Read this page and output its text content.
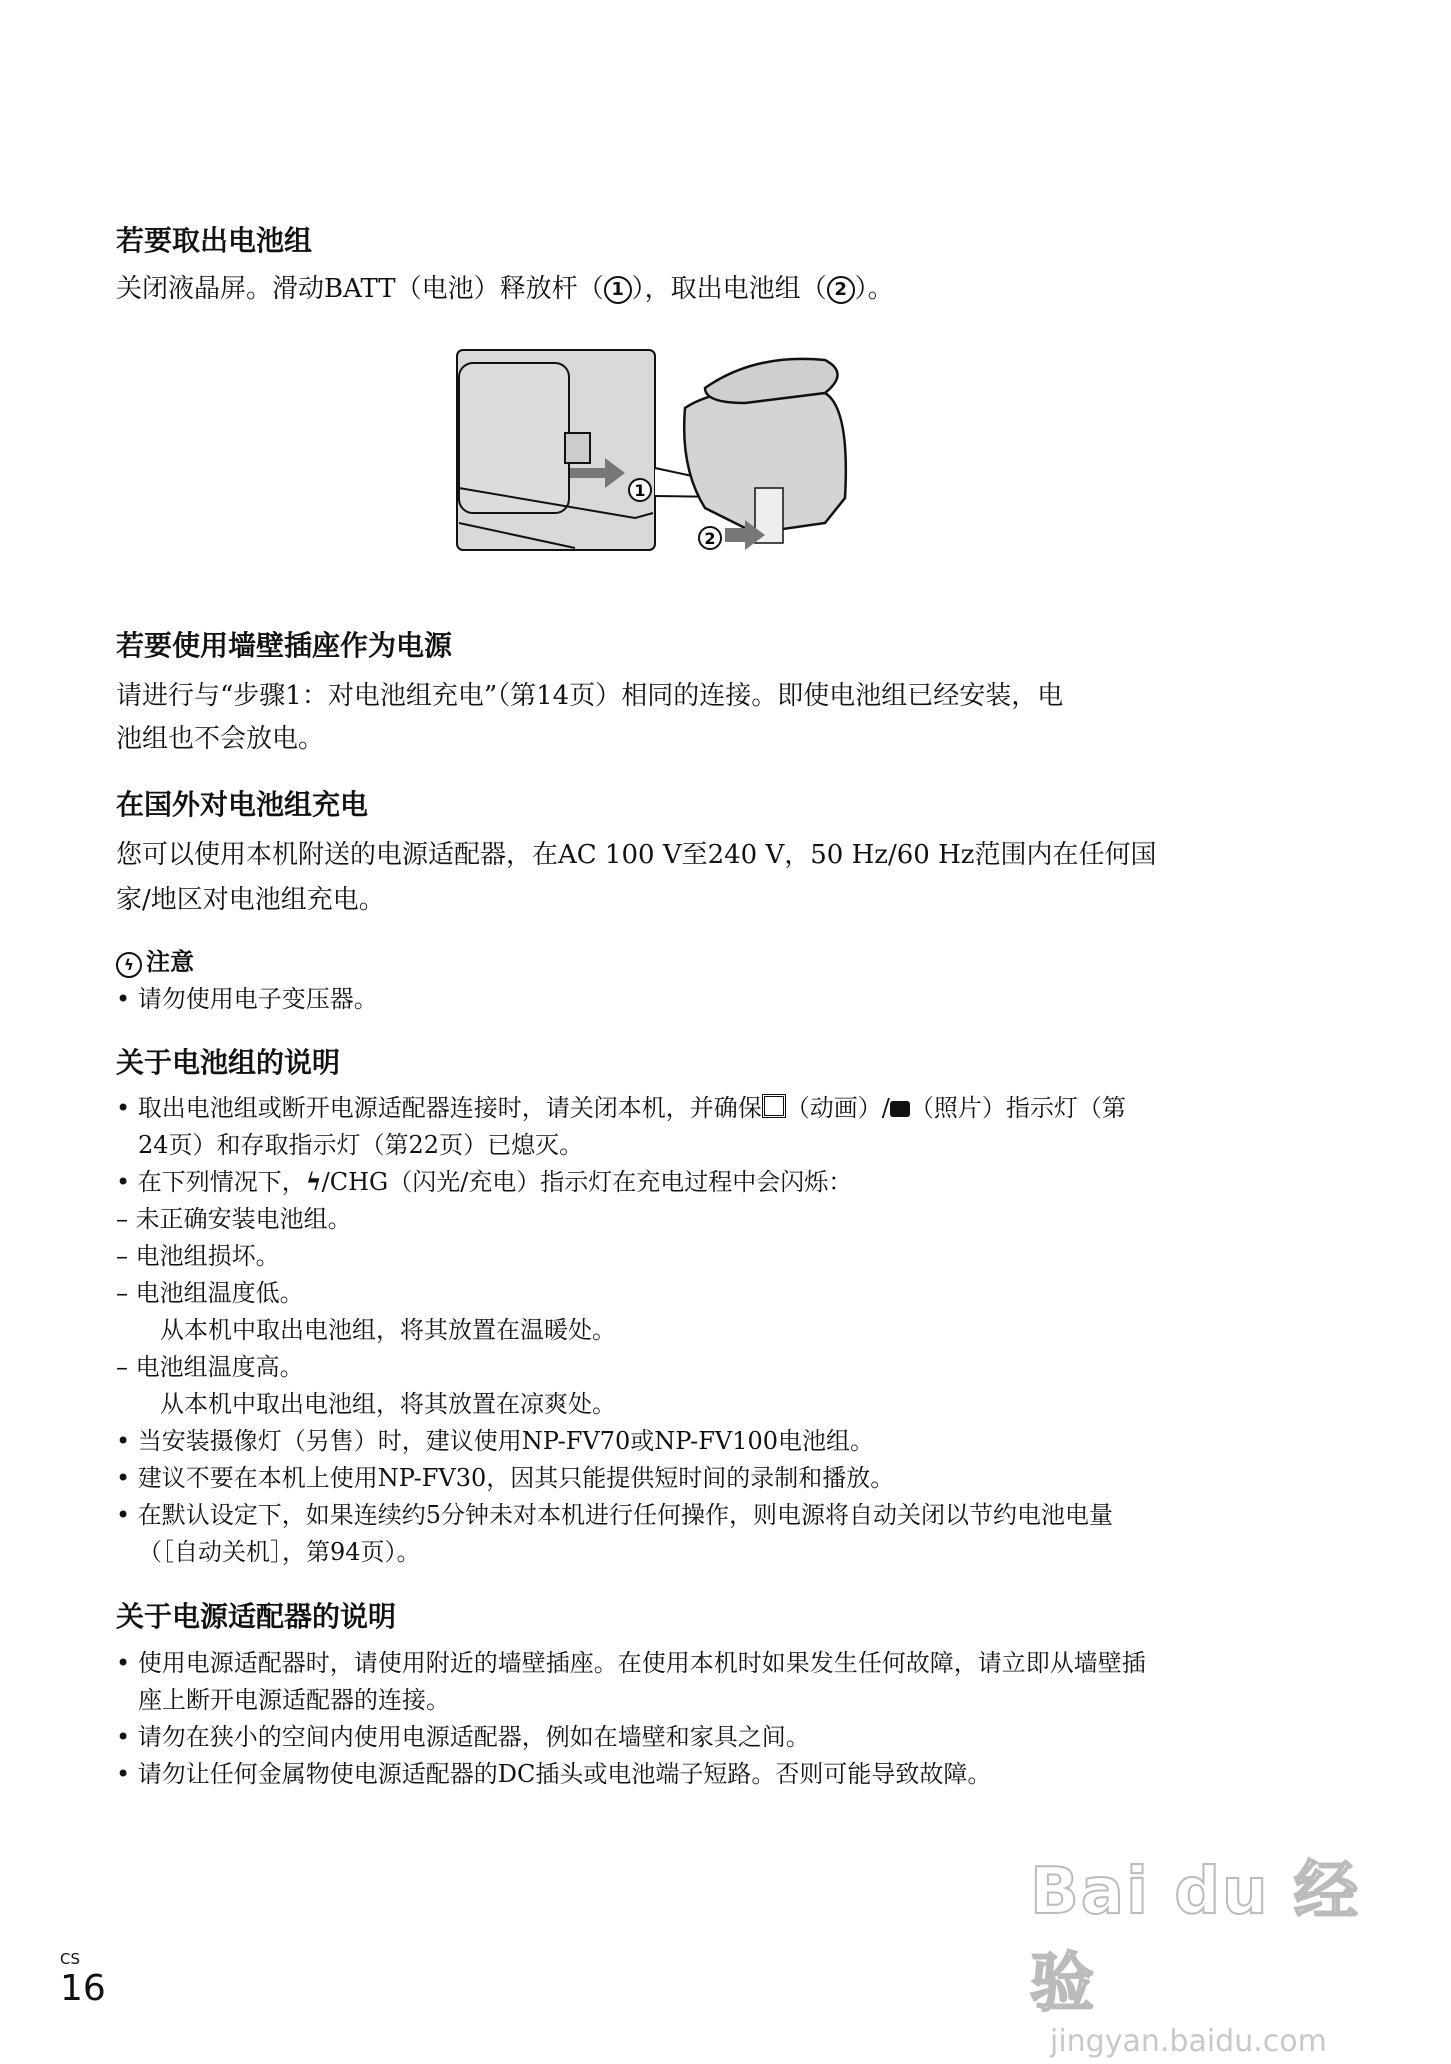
若要取出电池组
关闭液晶屏。滑动BATT（电池）释放杆（ 1 ），取出电池组（ 2 ）。
1
2
若要使用墙壁插座作为电源
请进行与“步骤1：对电池组充电”（第14页）相同的连接。即使电池组已经安装，电
池组也不会放电。
在国外对电池组充电
您可以使用本机附送的电源适配器，在AC 100 V至240 V，50 Hz/60 Hz范围内在任何国
家/地区对电池组充电。
ϟ 注意
• 请勿使用电子变压器。
关于电池组的说明
• 取出电池组或断开电源适配器连接时，请关闭本机，并确保 （动画）/ （照片）指示灯（第
24页）和存取指示灯（第22页）已熄灭。
• 在下列情况下，ϟ/CHG（闪光/充电）指示灯在充电过程中会闪烁：
– 未正确安装电池组。
– 电池组损坏。
– 电池组温度低。
从本机中取出电池组，将其放置在温暖处。
– 电池组温度高。
从本机中取出电池组，将其放置在凉爽处。
• 当安装摄像灯（另售）时，建议使用NP-FV70或NP-FV100电池组。
• 建议不要在本机上使用NP-FV30，因其只能提供短时间的录制和播放。
• 在默认设定下，如果连续约5分钟未对本机进行任何操作，则电源将自动关闭以节约电池电量
（［自动关机］，第94页）。
关于电源适配器的说明
• 使用电源适配器时，请使用附近的墙壁插座。在使用本机时如果发生任何故障，请立即从墙壁插
座上断开电源适配器的连接。
• 请勿在狭小的空间内使用电源适配器，例如在墙壁和家具之间。
• 请勿让任何金属物使电源适配器的DC插头或电池端子短路。否则可能导致故障。
Bai du 经验
jingyan.baidu.com
CS
16
